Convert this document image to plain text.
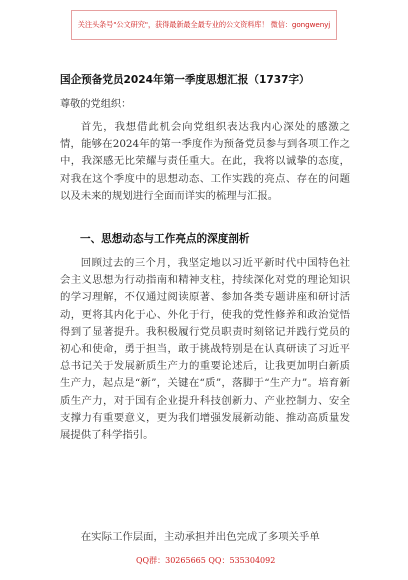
关注头条号"公文研究"，获得最新最全最专业的公文资料库！ 微信：gongwenyj
国企预备党员2024年第一季度思想汇报（1737字）
尊敬的党组织：

首先，我想借此机会向党组织表达我内心深处的感激之情，能够在2024年的第一季度作为预备党员参与到各项工作之中，我深感无比荣耀与责任重大。在此，我将以诚挚的态度，对我在这个季度中的思想动态、工作实践的亮点、存在的问题以及未来的规划进行全面而详实的梳理与汇报。

一、思想动态与工作亮点的深度剖析

回顾过去的三个月，我坚定地以习近平新时代中国特色社会主义思想为行动指南和精神支柱，持续深化对党的理论知识的学习理解，不仅通过阅读原著、参加各类专题讲座和研讨活动，更将其内化于心、外化于行，使我的党性修养和政治觉悟得到了显著提升。我积极履行党员职责时刻铭记并践行党员的初心和使命，勇于担当，敢于挑战特别是在认真研读了习近平总书记关于发展新质生产力的重要论述后，让我更加明白新质生产力，起点是“新”，关键在“质”，落脚于“生产力”。培育新质生产力，对于国有企业提升科技创新力、产业控制力、安全支撑力有重要意义，更为我们增强发展新动能、推动高质量发展提供了科学指引。

在实际工作层面，主动承担并出色完成了多项关乎单

QQ群：30265665 QQ：535304092
